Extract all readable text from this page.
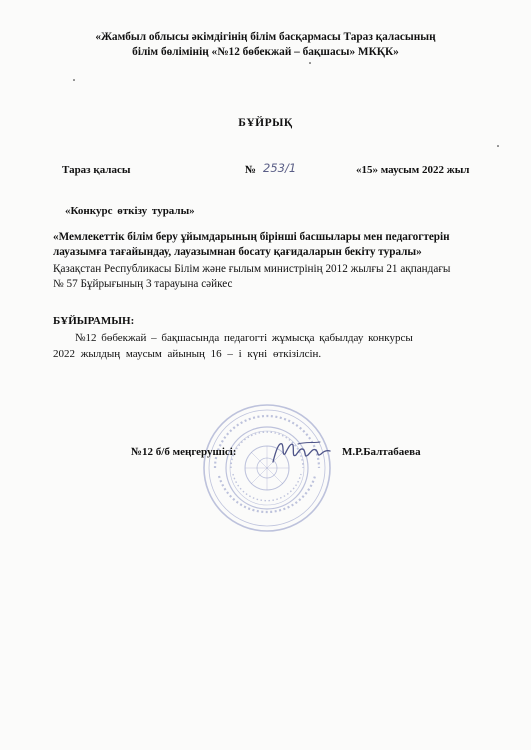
«Жамбыл облысы әкімдігінің білім басқармасы Тараз қаласының
білім бөлімінің «№12 бөбекжай – бақшасы» МКҚК»
БҰЙРЫҚ
Тараз қаласы	№ 253/1	«15» маусым 2022 жыл
«Конкурс өткізу туралы»
«Мемлекеттік білім беру ұйымдарының бірінші басшылары мен педагогтерін
лауазымға тағайындау, лауазымнан босату қағидаларын бекіту туралы»
Қазақстан Республикасы Білім және ғылым министрінің 2012 жылғы 21 ақпандағы
№ 57 Бұйрығының 3 тарауына сәйкес
БҰЙЫРАМЫН:
№12 бөбекжай – бақшасында педагогті жұмысқа қабылдау конкурсы
2022 жылдың маусым айының 16 – і күні өткізілсін.
№12 б/б меңгерушісі:	М.Р.Балтабаева
